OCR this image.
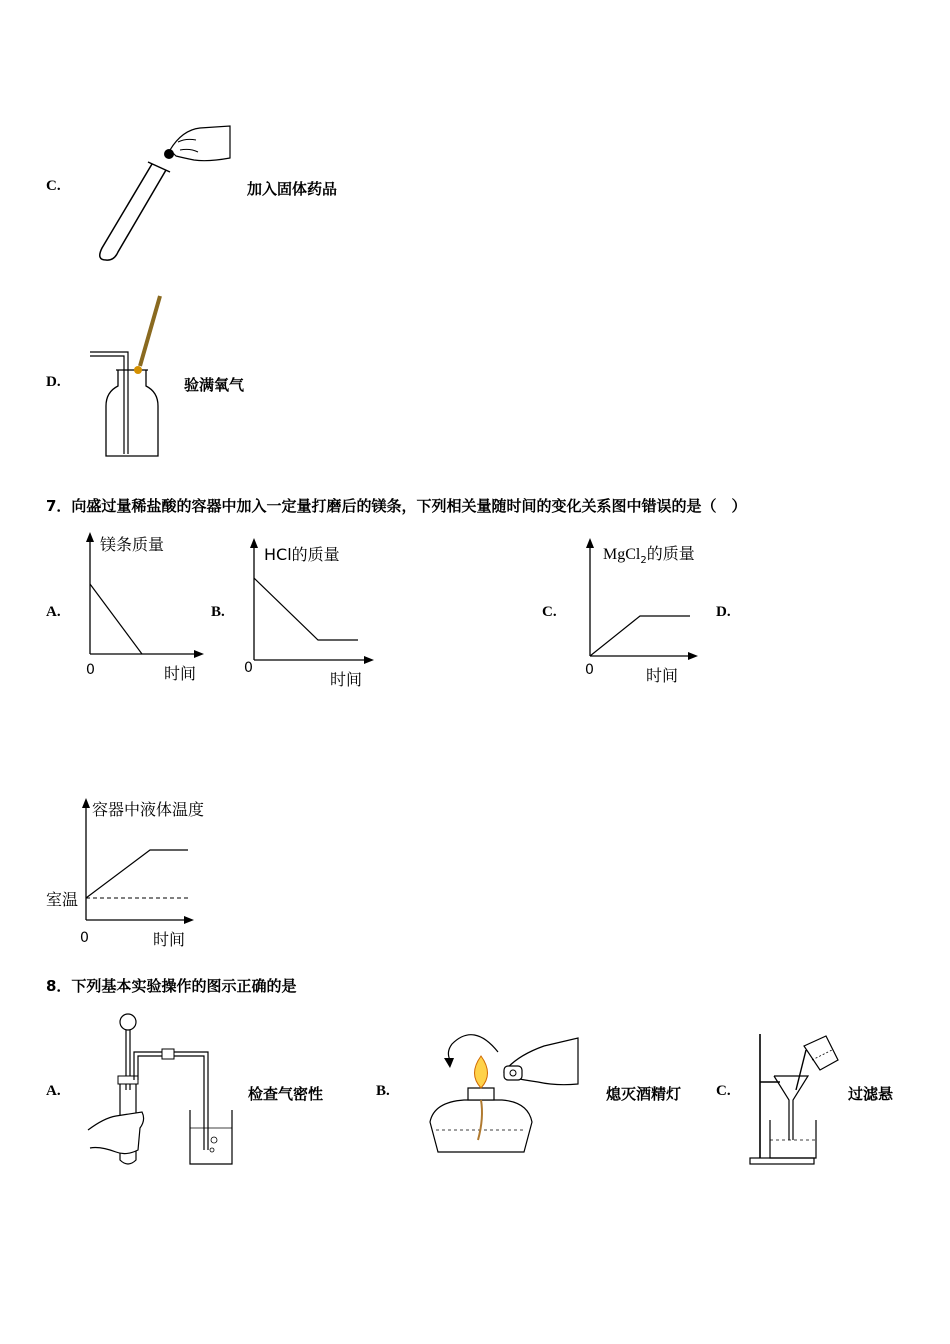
C.	加入固体药品
D.	验满氧气
7．向盛过量稀盐酸的容器中加入一定量打磨后的镁条，下列相关量随时间的变化关系图中错误的是（　）
A.
镁条质量
0	时间
B.
HCl的质量
0
时间
C.
MgCl$_2$的质量
0	时间
D.
容器中液体温度
室温
0	时间
8．下列基本实验操作的图示正确的是
A.	检查气密性	B.	熄灭酒精灯 C.	过滤悬
